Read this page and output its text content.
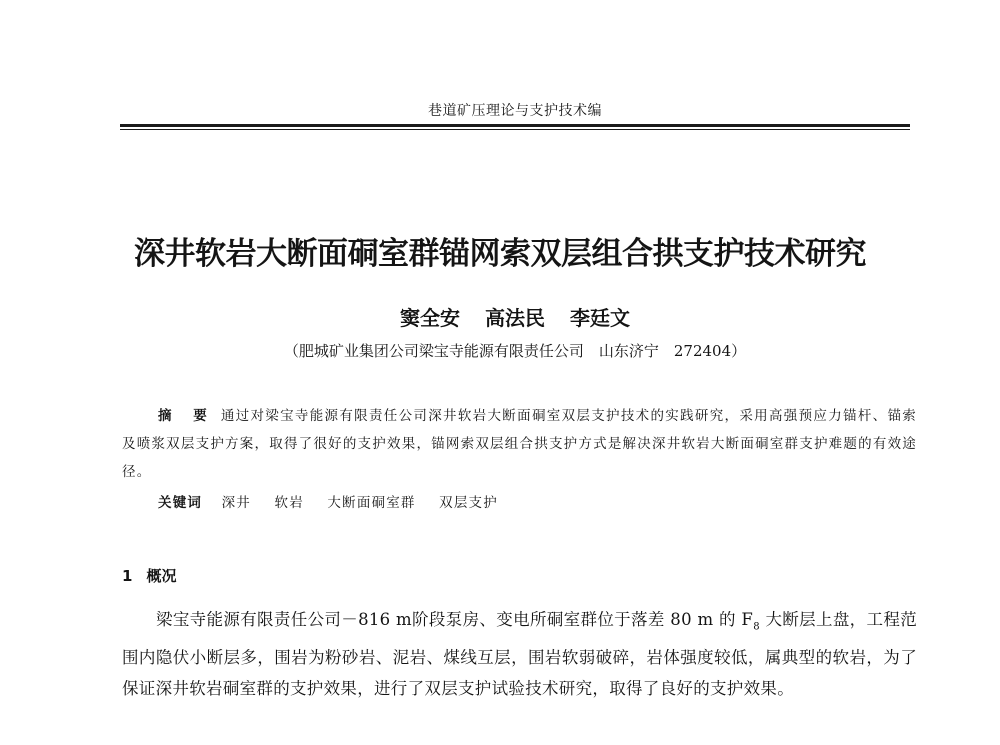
巷道矿压理论与支护技术编
深井软岩大断面硐室群锚网索双层组合拱支护技术研究
窦全安 高法民 李廷文
（肥城矿业集团公司梁宝寺能源有限责任公司　山东济宁　272404）
摘　要 通过对梁宝寺能源有限责任公司深井软岩大断面硐室双层支护技术的实践研究，采用高强预应力锚杆、锚索及喷浆双层支护方案，取得了很好的支护效果，锚网索双层组合拱支护方式是解决深井软岩大断面硐室群支护难题的有效途径。
关键词 深井 软岩 大断面硐室群 双层支护
1 概况
梁宝寺能源有限责任公司－816 m阶段泵房、变电所硐室群位于落差 80 m 的 $F_8$ 大断层上盘，工程范围内隐伏小断层多，围岩为粉砂岩、泥岩、煤线互层，围岩软弱破碎，岩体强度较低，属典型的软岩，为了保证深井软岩硐室群的支护效果，进行了双层支护试验技术研究，取得了良好的支护效果。
